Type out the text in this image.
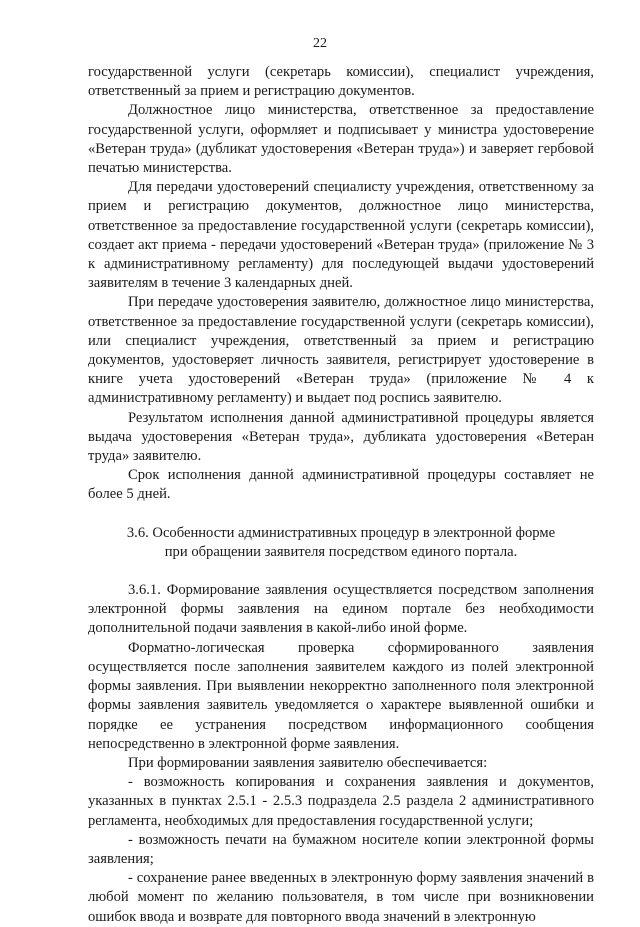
22

государственной услуги (секретарь комиссии), специалист учреждения, ответственный за прием и регистрацию документов.

Должностное лицо министерства, ответственное за предоставление государственной услуги, оформляет и подписывает у министра удостоверение «Ветеран труда» (дубликат удостоверения «Ветеран труда») и заверяет гербовой печатью министерства.

Для передачи удостоверений специалисту учреждения, ответственному за прием и регистрацию документов, должностное лицо министерства, ответственное за предоставление государственной услуги (секретарь комиссии), создает акт приема - передачи удостоверений «Ветеран труда» (приложение № 3 к административному регламенту) для последующей выдачи удостоверений заявителям в течение 3 календарных дней.

При передаче удостоверения заявителю, должностное лицо министерства, ответственное за предоставление государственной услуги (секретарь комиссии), или специалист учреждения, ответственный за прием и регистрацию документов, удостоверяет личность заявителя, регистрирует удостоверение в книге учета удостоверений «Ветеран труда» (приложение № 4 к административному регламенту) и выдает под роспись заявителю.

Результатом исполнения данной административной процедуры является выдача удостоверения «Ветеран труда», дубликата удостоверения «Ветеран труда» заявителю.

Срок исполнения данной административной процедуры составляет не более 5 дней.

3.6. Особенности административных процедур в электронной форме при обращении заявителя посредством единого портала.

3.6.1. Формирование заявления осуществляется посредством заполнения электронной формы заявления на едином портале без необходимости дополнительной подачи заявления в какой-либо иной форме.

Форматно-логическая проверка сформированного заявления осуществляется после заполнения заявителем каждого из полей электронной формы заявления. При выявлении некорректно заполненного поля электронной формы заявления заявитель уведомляется о характере выявленной ошибки и порядке ее устранения посредством информационного сообщения непосредственно в электронной форме заявления.

При формировании заявления заявителю обеспечивается:

- возможность копирования и сохранения заявления и документов, указанных в пунктах 2.5.1 - 2.5.3 подраздела 2.5 раздела 2 административного регламента, необходимых для предоставления государственной услуги;

- возможность печати на бумажном носителе копии электронной формы заявления;

- сохранение ранее введенных в электронную форму заявления значений в любой момент по желанию пользователя, в том числе при возникновении ошибок ввода и возврате для повторного ввода значений в электронную
